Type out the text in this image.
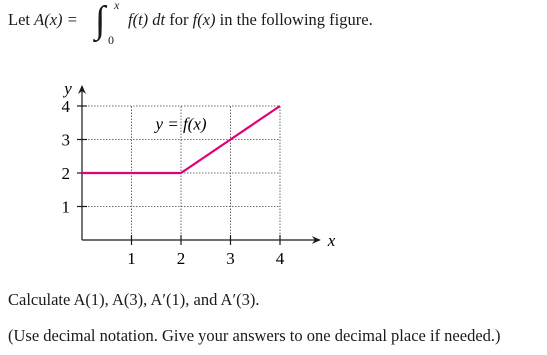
Let A(x) = ∫ x
0
f(t) dt for f(x) in the following figure.
1 2 3 4
1
2
3
4
y
x
y = f(x)
Calculate A(1), A(3), A′(1), and A′(3).
(Use decimal notation. Give your answers to one decimal place if needed.)
